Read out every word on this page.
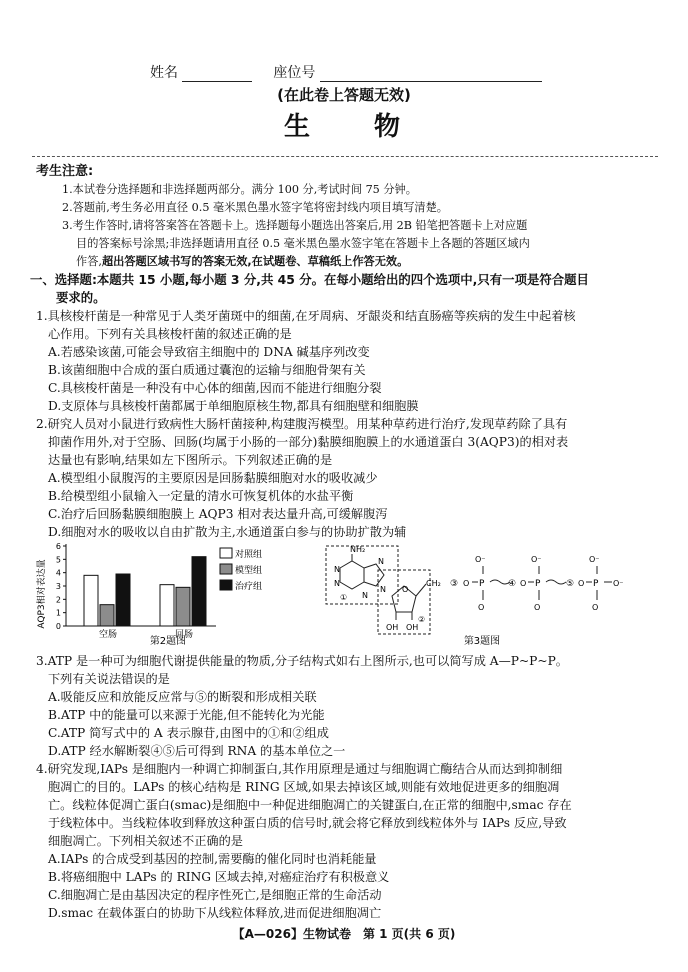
姓名	座位号
(在此卷上答题无效)
生　　物
考生注意:
1.本试卷分选择题和非选择题两部分。满分 100 分,考试时间 75 分钟。
2.答题前,考生务必用直径 0.5 毫米黑色墨水签字笔将密封线内项目填写清楚。
3.考生作答时,请将答案答在答题卡上。选择题每小题选出答案后,用 2B 铅笔把答题卡上对应题
目的答案标号涂黑;非选择题请用直径 0.5 毫米黑色墨水签字笔在答题卡上各题的答题区域内
作答,超出答题区域书写的答案无效,在试题卷、草稿纸上作答无效。
一、选择题:本题共 15 小题,每小题 3 分,共 45 分。在每小题给出的四个选项中,只有一项是符合题目
要求的。
1.具核梭杆菌是一种常见于人类牙菌斑中的细菌,在牙周病、牙龈炎和结直肠癌等疾病的发生中起着核
心作用。下列有关具核梭杆菌的叙述正确的是
A.若感染该菌,可能会导致宿主细胞中的 DNA 碱基序列改变
B.该菌细胞中合成的蛋白质通过囊泡的运输与细胞骨架有关
C.具核梭杆菌是一种没有中心体的细菌,因而不能进行细胞分裂
D.支原体与具核梭杆菌都属于单细胞原核生物,都具有细胞壁和细胞膜
2.研究人员对小鼠进行致病性大肠杆菌接种,构建腹泻模型。用某种草药进行治疗,发现草药除了具有
抑菌作用外,对于空肠、回肠(均属于小肠的一部分)黏膜细胞膜上的水通道蛋白 3(AQP3)的相对表
达量也有影响,结果如左下图所示。下列叙述正确的是
A.模型组小鼠腹泻的主要原因是回肠黏膜细胞对水的吸收减少
B.给模型组小鼠输入一定量的清水可恢复机体的水盐平衡
C.治疗后回肠黏膜细胞膜上 AQP3 相对表达量升高,可缓解腹泻
D.细胞对水的吸收以自由扩散为主,水通道蛋白参与的协助扩散为辅
0
1
2
3
4
5
6
空肠	回肠
对照组
模型组
治疗组
AQP3相对表达量
第2题图
NH₂
N
N
N
N
N
①
O
OH OH
②
CH₂ ③ O P
O⁻
O
④ O P
O⁻
O
⑤ O P
O⁻
O
O⁻
第3题图
3.ATP 是一种可为细胞代谢提供能量的物质,分子结构式如右上图所示,也可以简写成 A—P~P~P。
下列有关说法错误的是
A.吸能反应和放能反应常与⑤的断裂和形成相关联
B.ATP 中的能量可以来源于光能,但不能转化为光能
C.ATP 简写式中的 A 表示腺苷,由图中的①和②组成
D.ATP 经水解断裂④⑤后可得到 RNA 的基本单位之一
4.研究发现,IAPs 是细胞内一种调亡抑制蛋白,其作用原理是通过与细胞调亡酶结合从而达到抑制细
胞凋亡的目的。LAPs 的核心结构是 RING 区域,如果去掉该区域,则能有效地促进更多的细胞凋
亡。线粒体促凋亡蛋白(smac)是细胞中一种促进细胞凋亡的关键蛋白,在正常的细胞中,smac 存在
于线粒体中。当线粒体收到释放这种蛋白质的信号时,就会将它释放到线粒体外与 IAPs 反应,导致
细胞凋亡。下列相关叙述不正确的是
A.IAPs 的合成受到基因的控制,需要酶的催化同时也消耗能量
B.将癌细胞中 LAPs 的 RING 区域去掉,对癌症治疗有积极意义
C.细胞凋亡是由基因决定的程序性死亡,是细胞正常的生命活动
D.smac 在载体蛋白的协助下从线粒体释放,进而促进细胞凋亡
【A—026】生物试卷　第 1 页(共 6 页)
